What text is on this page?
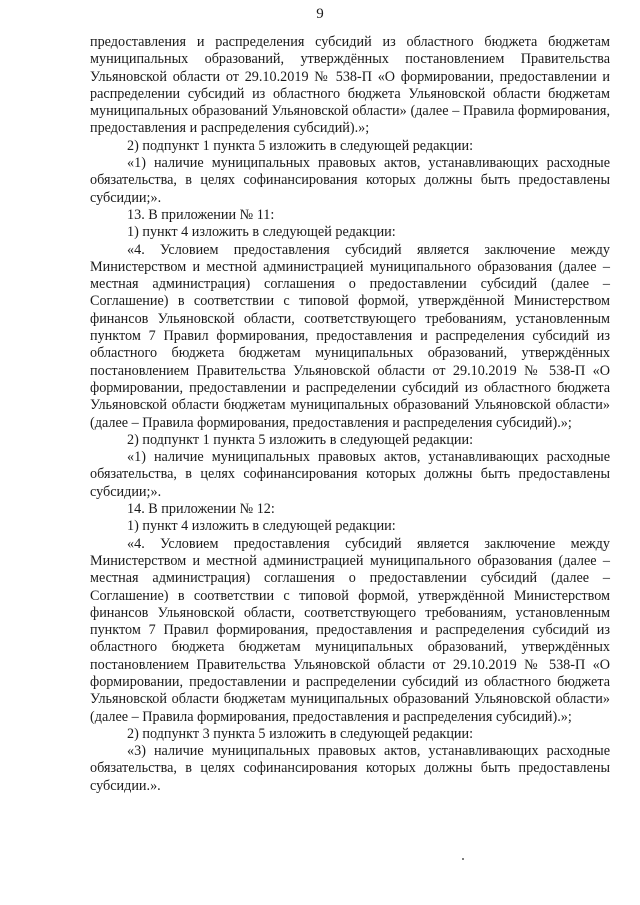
9

предоставления и распределения субсидий из областного бюджета бюджетам муниципальных образований, утверждённых постановлением Правительства Ульяновской области от 29.10.2019 № 538-П «О формировании, предоставлении и распределении субсидий из областного бюджета Ульяновской области бюджетам муниципальных образований Ульяновской области» (далее – Правила формирования, предоставления и распределения субсидий).»;

2) подпункт 1 пункта 5 изложить в следующей редакции:

«1) наличие муниципальных правовых актов, устанавливающих расходные обязательства, в целях софинансирования которых должны быть предоставлены субсидии;».

13. В приложении № 11:

1) пункт 4 изложить в следующей редакции:

«4. Условием предоставления субсидий является заключение между Министерством и местной администрацией муниципального образования (далее – местная администрация) соглашения о предоставлении субсидий (далее – Соглашение) в соответствии с типовой формой, утверждённой Министерством финансов Ульяновской области, соответствующего требованиям, установленным пунктом 7 Правил формирования, предоставления и распределения субсидий из областного бюджета бюджетам муниципальных образований, утверждённых постановлением Правительства Ульяновской области от 29.10.2019 № 538-П «О формировании, предоставлении и распределении субсидий из областного бюджета Ульяновской области бюджетам муниципальных образований Ульяновской области» (далее – Правила формирования, предоставления и распределения субсидий).»;

2) подпункт 1 пункта 5 изложить в следующей редакции:

«1) наличие муниципальных правовых актов, устанавливающих расходные обязательства, в целях софинансирования которых должны быть предоставлены субсидии;».

14. В приложении № 12:

1) пункт 4 изложить в следующей редакции:

«4. Условием предоставления субсидий является заключение между Министерством и местной администрацией муниципального образования (далее – местная администрация) соглашения о предоставлении субсидий (далее – Соглашение) в соответствии с типовой формой, утверждённой Министерством финансов Ульяновской области, соответствующего требованиям, установленным пунктом 7 Правил формирования, предоставления и распределения субсидий из областного бюджета бюджетам муниципальных образований, утверждённых постановлением Правительства Ульяновской области от 29.10.2019 № 538-П «О формировании, предоставлении и распределении субсидий из областного бюджета Ульяновской области бюджетам муниципальных образований Ульяновской области» (далее – Правила формирования, предоставления и распределения субсидий).»;

2) подпункт 3 пункта 5 изложить в следующей редакции:

«3) наличие муниципальных правовых актов, устанавливающих расходные обязательства, в целях софинансирования которых должны быть предоставлены субсидии.».
